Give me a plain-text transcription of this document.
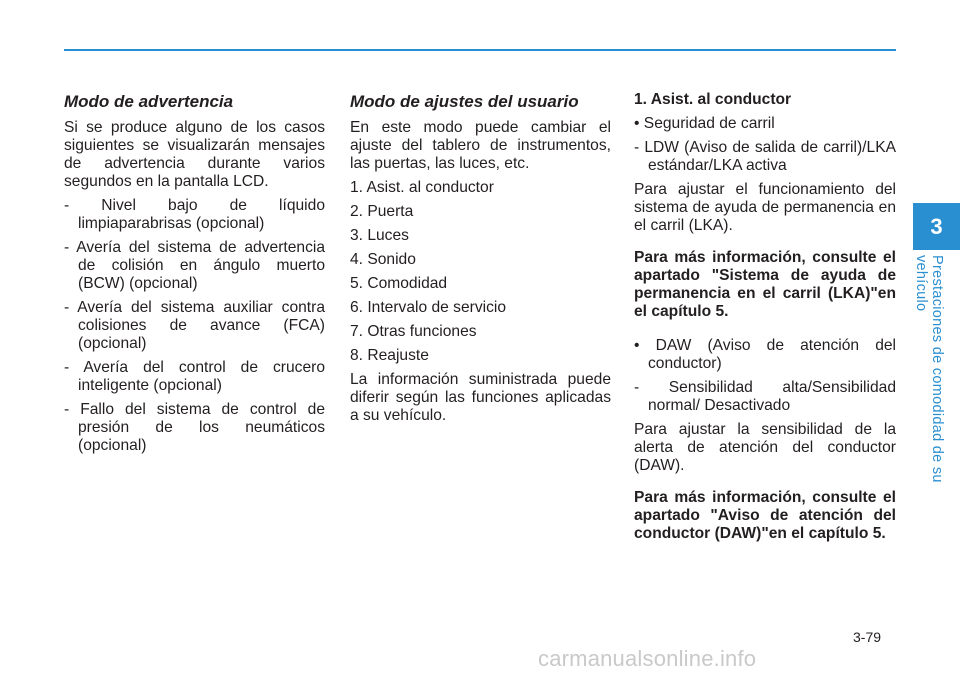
Modo de advertencia

Si se produce alguno de los casos siguientes se visualizarán mensajes de advertencia durante varios segundos en la pantalla LCD.

- Nivel bajo de líquido limpiaparabrisas (opcional)

- Avería del sistema de advertencia de colisión en ángulo muerto (BCW) (opcional)

- Avería del sistema auxiliar contra colisiones de avance (FCA) (opcional)

- Avería del control de crucero inteligente (opcional)

- Fallo del sistema de control de presión de los neumáticos (opcional)

Modo de ajustes del usuario

En este modo puede cambiar el ajuste del tablero de instrumentos, las puertas, las luces, etc.

1. Asist. al conductor

2. Puerta

3. Luces

4. Sonido

5. Comodidad

6. Intervalo de servicio

7. Otras funciones

8. Reajuste

La información suministrada puede diferir según las funciones aplicadas a su vehículo.

1. Asist. al conductor

• Seguridad de carril

- LDW (Aviso de salida de carril)/LKA estándar/LKA activa

Para ajustar el funcionamiento del sistema de ayuda de permanencia en el carril (LKA).

Para más información, consulte el apartado "Sistema de ayuda de permanencia en el carril (LKA)"en el capítulo 5.

• DAW (Aviso de atención del conductor)

- Sensibilidad alta/Sensibilidad normal/ Desactivado

Para ajustar la sensibilidad de la alerta de atención del conductor (DAW).

Para más información, consulte el apartado "Aviso de atención del conductor (DAW)"en el capítulo 5.

3
Prestaciones de comodidad de su vehículo
3-79
carmanualsonline.info
